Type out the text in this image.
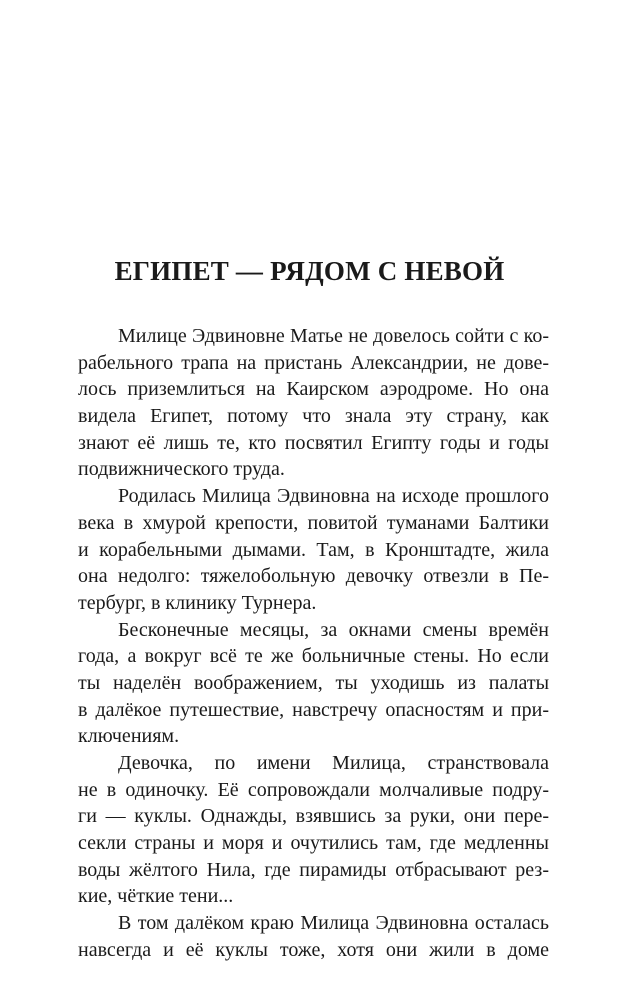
ЕГИПЕТ — РЯДОМ С НЕВОЙ
Милице Эдвиновне Матье не довелось сойти с ко-
рабельного трапа на пристань Александрии, не дове-
лось приземлиться на Каирском аэродроме. Но она
видела Египет, потому что знала эту страну, как
знают её лишь те, кто посвятил Египту годы и годы
подвижнического труда.
Родилась Милица Эдвиновна на исходе прошлого
века в хмурой крепости, повитой туманами Балтики
и корабельными дымами. Там, в Кронштадте, жила
она недолго: тяжелобольную девочку отвезли в Пе-
тербург, в клинику Турнера.
Бесконечные месяцы, за окнами смены времён
года, а вокруг всё те же больничные стены. Но если
ты наделён воображением, ты уходишь из палаты
в далёкое путешествие, навстречу опасностям и при-
ключениям.
Девочка, по имени Милица, странствовала
не в одиночку. Её сопровождали молчаливые подру-
ги — куклы. Однажды, взявшись за руки, они пере-
секли страны и моря и очутились там, где медленны
воды жёлтого Нила, где пирамиды отбрасывают рез-
кие, чёткие тени...
В том далёком краю Милица Эдвиновна осталась
навсегда и её куклы тоже, хотя они жили в доме
